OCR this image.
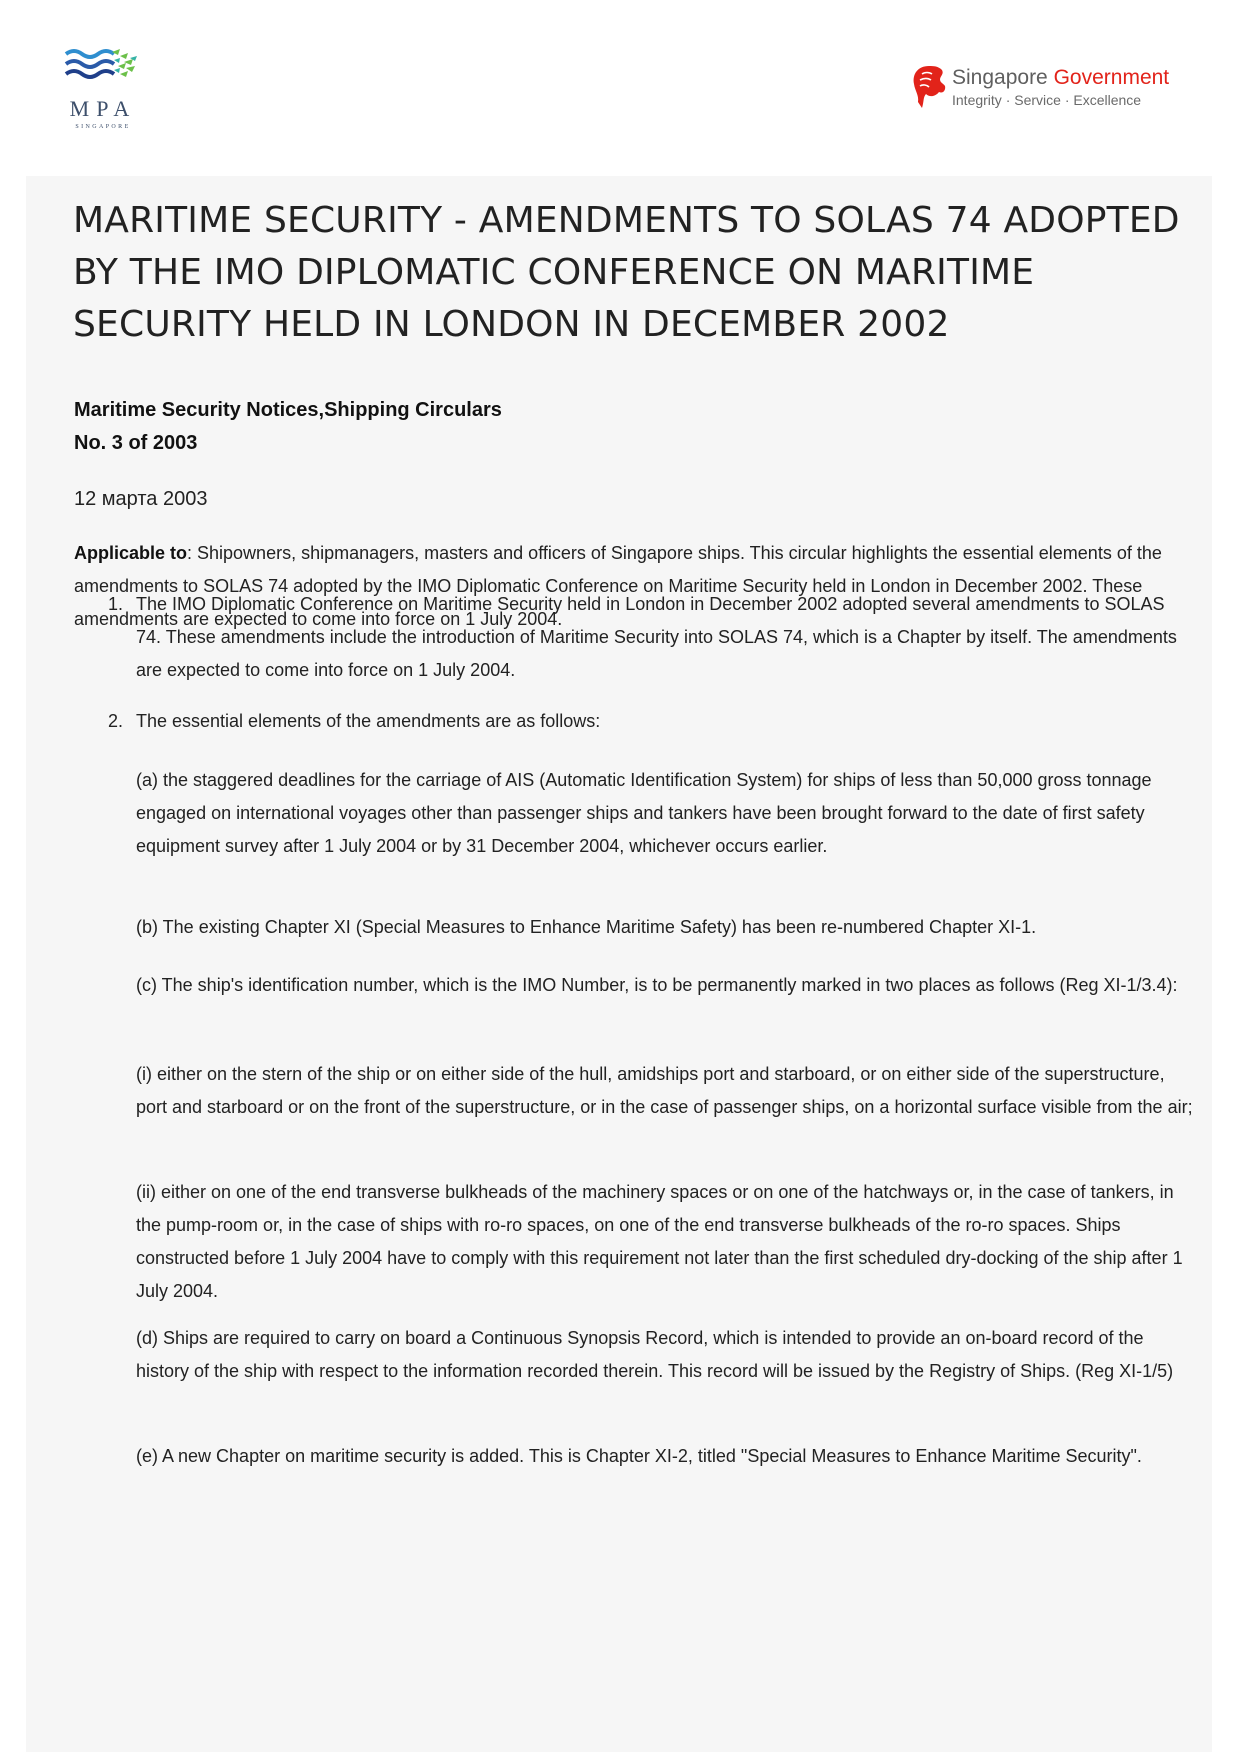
MPA
SINGAPORE
Singapore Government
Integrity · Service · Excellence
MARITIME SECURITY - AMENDMENTS TO SOLAS 74 ADOPTED BY THE IMO DIPLOMATIC CONFERENCE ON MARITIME SECURITY HELD IN LONDON IN DECEMBER 2002
Maritime Security Notices,Shipping Circulars
No. 3 of 2003
12 марта 2003
Applicable to: Shipowners, shipmanagers, masters and officers of Singapore ships. This circular highlights the essential elements of the amendments to SOLAS 74 adopted by the IMO Diplomatic Conference on Maritime Security held in London in December 2002. These amendments are expected to come into force on 1 July 2004.
1. The IMO Diplomatic Conference on Maritime Security held in London in December 2002 adopted several amendments to SOLAS 74. These amendments include the introduction of Maritime Security into SOLAS 74, which is a Chapter by itself. The amendments are expected to come into force on 1 July 2004.
2. The essential elements of the amendments are as follows:
(a) the staggered deadlines for the carriage of AIS (Automatic Identification System) for ships of less than 50,000 gross tonnage engaged on international voyages other than passenger ships and tankers have been brought forward to the date of first safety equipment survey after 1 July 2004 or by 31 December 2004, whichever occurs earlier.
(b) The existing Chapter XI (Special Measures to Enhance Maritime Safety) has been re-numbered Chapter XI-1.
(c) The ship's identification number, which is the IMO Number, is to be permanently marked in two places as follows (Reg XI-1/3.4):
(i) either on the stern of the ship or on either side of the hull, amidships port and starboard, or on either side of the superstructure, port and starboard or on the front of the superstructure, or in the case of passenger ships, on a horizontal surface visible from the air;
(ii) either on one of the end transverse bulkheads of the machinery spaces or on one of the hatchways or, in the case of tankers, in the pump-room or, in the case of ships with ro-ro spaces, on one of the end transverse bulkheads of the ro-ro spaces. Ships constructed before 1 July 2004 have to comply with this requirement not later than the first scheduled dry-docking of the ship after 1 July 2004.
(d) Ships are required to carry on board a Continuous Synopsis Record, which is intended to provide an on-board record of the history of the ship with respect to the information recorded therein. This record will be issued by the Registry of Ships. (Reg XI-1/5)
(e) A new Chapter on maritime security is added. This is Chapter XI-2, titled "Special Measures to Enhance Maritime Security".
